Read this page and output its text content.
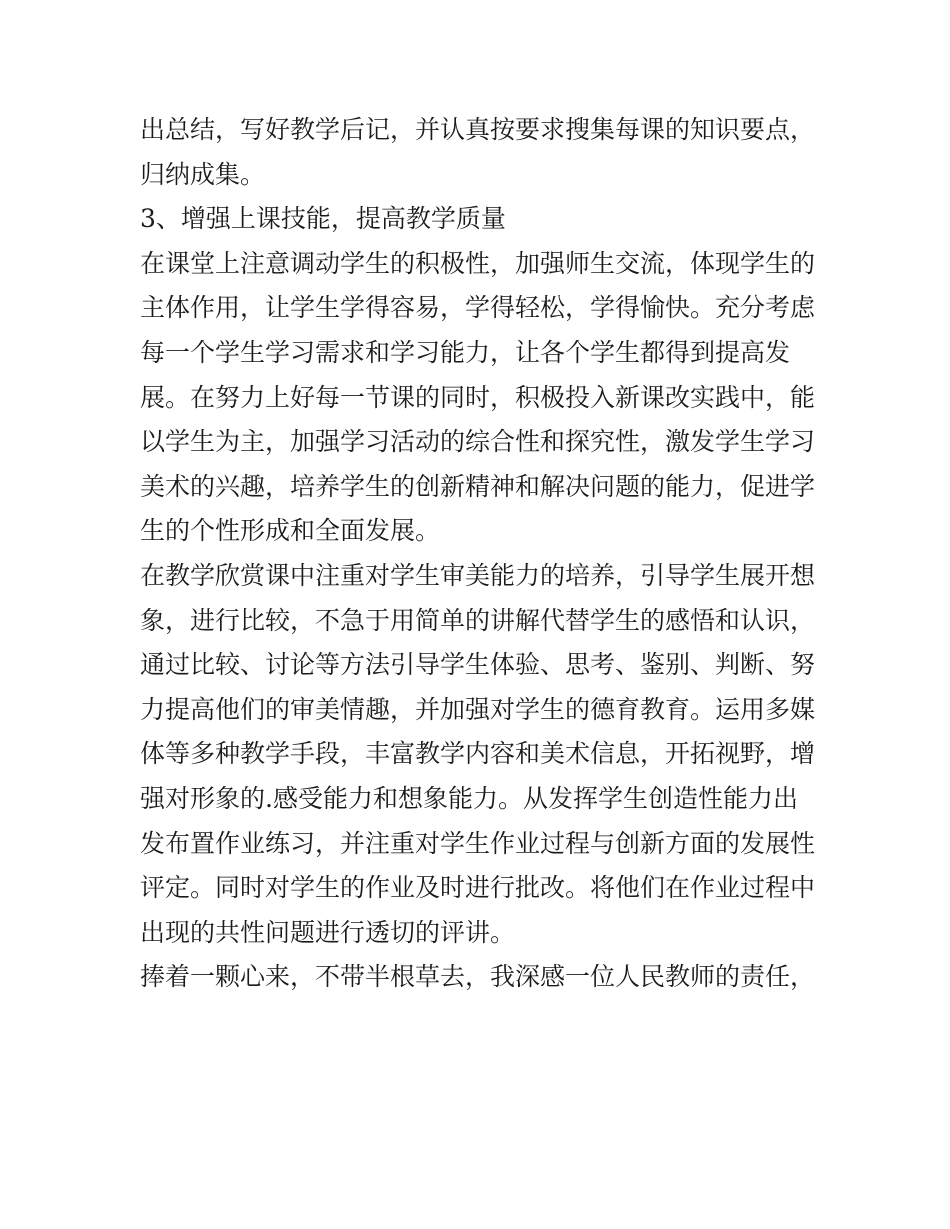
出总结，写好教学后记，并认真按要求搜集每课的知识要点，
归纳成集。
3、增强上课技能，提高教学质量
在课堂上注意调动学生的积极性，加强师生交流，体现学生的
主体作用，让学生学得容易，学得轻松，学得愉快。充分考虑
每一个学生学习需求和学习能力，让各个学生都得到提高发
展。在努力上好每一节课的同时，积极投入新课改实践中，能
以学生为主，加强学习活动的综合性和探究性，激发学生学习
美术的兴趣，培养学生的创新精神和解决问题的能力，促进学
生的个性形成和全面发展。
在教学欣赏课中注重对学生审美能力的培养，引导学生展开想
象，进行比较，不急于用简单的讲解代替学生的感悟和认识，
通过比较、讨论等方法引导学生体验、思考、鉴别、判断、努
力提高他们的审美情趣，并加强对学生的德育教育。运用多媒
体等多种教学手段，丰富教学内容和美术信息，开拓视野，增
强对形象的.感受能力和想象能力。从发挥学生创造性能力出
发布置作业练习，并注重对学生作业过程与创新方面的发展性
评定。同时对学生的作业及时进行批改。将他们在作业过程中
出现的共性问题进行透切的评讲。
捧着一颗心来，不带半根草去，我深感一位人民教师的责任，
